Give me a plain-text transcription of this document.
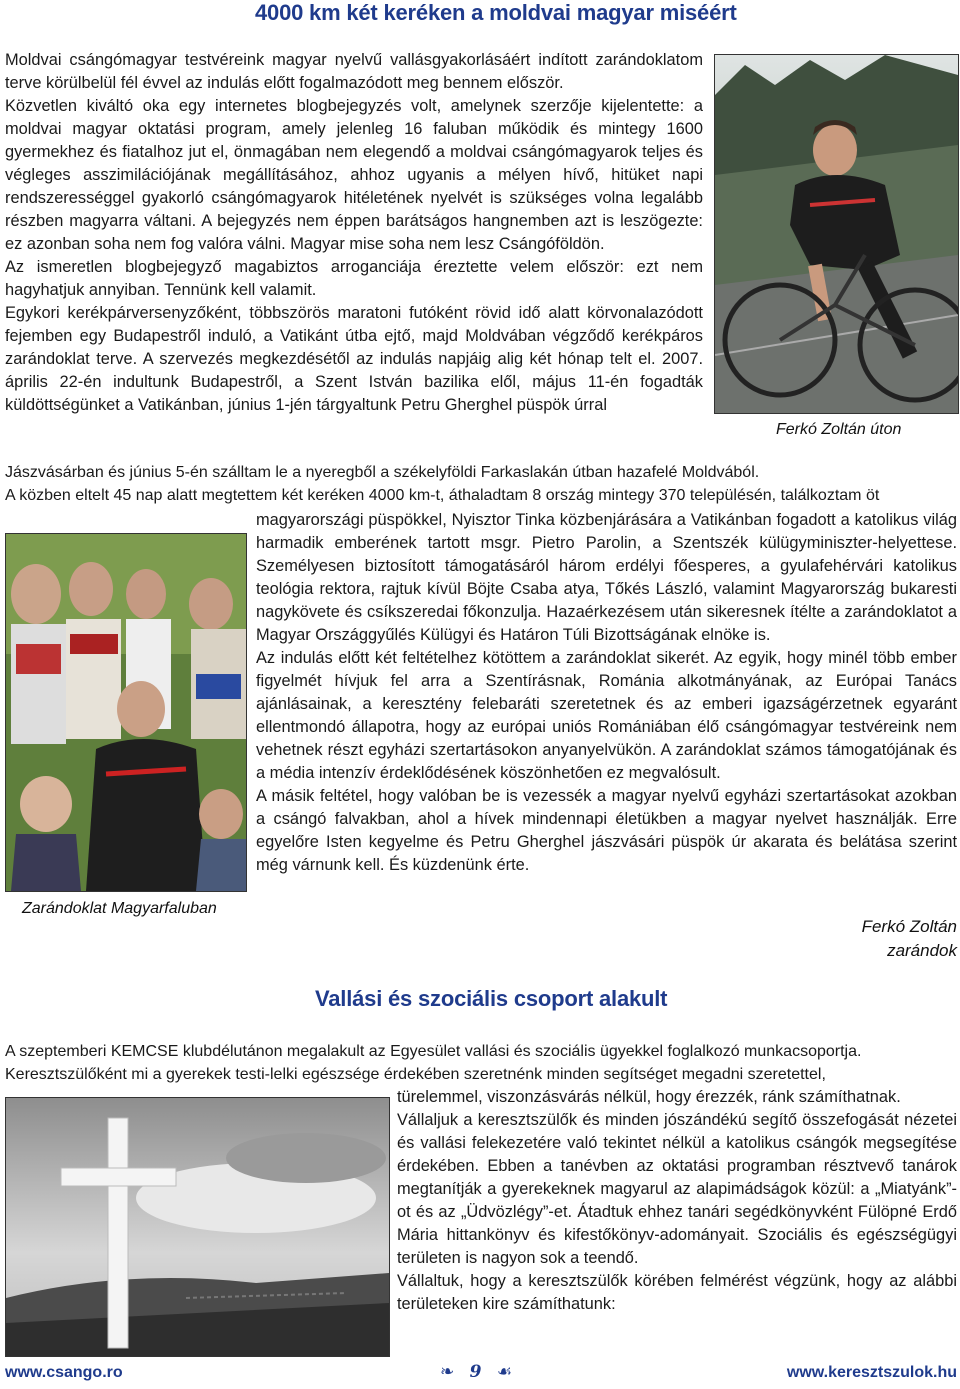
4000 km két keréken a moldvai magyar miséért
Ferkó Zoltán úton

Moldvai csángómagyar testvéreink magyar nyelvű vallásgyakorlásáért indított zarándoklatom terve körülbelül fél évvel az indulás előtt fogalmazódott meg bennem először.

Közvetlen kiváltó oka egy internetes blogbejegyzés volt, amelynek szerzője kijelentette: a moldvai magyar oktatási program, amely jelenleg 16 faluban működik és mintegy 1600 gyermekhez és fiatalhoz jut el, önmagában nem elegendő a moldvai csángómagyarok teljes és végleges asszimilációjának megállításához, ahhoz ugyanis a mélyen hívő, hitüket napi rendszerességgel gyakorló csángómagyarok hitéletének nyelvét is szükséges volna legalább részben magyarra váltani. A bejegyzés nem éppen barátságos hangnemben azt is leszögezte: ez azonban soha nem fog valóra válni. Magyar mise soha nem lesz Csángóföldön.

Az ismeretlen blogbejegyző magabiztos arroganciája éreztette velem először: ezt nem hagyhatjuk annyiban. Tennünk kell valamit.

Egykori kerékpárversenyzőként, többszörös maratoni futóként rövid idő alatt körvonalazódott fejemben egy Budapestről induló, a Vatikánt útba ejtő, majd Moldvában végződő kerékpáros zarándoklat terve. A szervezés megkezdésétől az indulás napjáig alig két hónap telt el. 2007. április 22-én indultunk Budapestről, a Szent István bazilika elől, május 11-én fogadták küldöttségünket a Vatikánban, június 1-jén tárgyaltunk Petru Gherghel püspök úrral

Jászvásárban és június 5-én szálltam le a nyeregből a székelyföldi Farkaslakán útban hazafelé Moldvából.
A közben eltelt 45 nap alatt megtettem két keréken 4000 km-t, áthaladtam 8 ország mintegy 370 településén, találkoztam öt
Zarándoklat Magyarfaluban

magyarországi püspökkel, Nyisztor Tinka közbenjárására a Vatikánban fogadott a katolikus világ harmadik emberének tartott msgr. Pietro Parolin, a Szentszék külügyminiszter-helyettese. Személyesen biztosított támogatásáról három erdélyi főesperes, a gyulafehérvári katolikus teológia rektora, rajtuk kívül Böjte Csaba atya, Tőkés László, valamint Magyarország bukaresti nagykövete és csíkszeredai főkonzulja. Hazaérkezésem után sikeresnek ítélte a zarándoklatot a Magyar Országgyűlés Külügyi és Határon Túli Bizottságának elnöke is.

Az indulás előtt két feltételhez kötöttem a zarándoklat sikerét. Az egyik, hogy minél több ember figyelmét hívjuk fel arra a Szentírásnak, Románia alkotmányának, az Európai Tanács ajánlásainak, a keresztény felebaráti szeretetnek és az emberi igazságérzetnek egyaránt ellentmondó állapotra, hogy az európai uniós Romániában élő csángómagyar testvéreink nem vehetnek részt egyházi szertartásokon anyanyelvükön. A zarándoklat számos támogatójának és a média intenzív érdeklődésének köszönhetően ez megvalósult.

A másik feltétel, hogy valóban be is vezessék a magyar nyelvű egyházi szertartásokat azokban a csángó falvakban, ahol a hívek mindennapi életükben a magyar nyelvet használják. Erre egyelőre Isten kegyelme és Petru Gherghel jászvásári püspök úr akarata és belátása szerint még várnunk kell. És küzdenünk érte.

Ferkó Zoltán
zarándok
Vallási és szociális csoport alakult
A szeptemberi KEMCSE klubdélutánon megalakult az Egyesület vallási és szociális ügyekkel foglalkozó munkacsoportja.
Keresztszülőként mi a gyerekek testi-lelki egészsége érdekében szeretnénk minden segítséget megadni szeretettel,

türelemmel, viszonzásvárás nélkül, hogy érezzék, ránk számíthatnak.

Vállaljuk a keresztszülők és minden jószándékú segítő összefogását nézetei és vallási felekezetére való tekintet nélkül a katolikus csángók megsegítése érdekében. Ebben a tanévben az oktatási programban résztvevő tanárok megtanítják a gyerekeknek magyarul az alapimádságok közül: a „Miatyánk”-ot és az „Üdvözlégy”-et. Átadtuk ehhez tanári segédkönyvként Fülöpné Erdő Mária hittankönyv és kifestőkönyv-adományait. Szociális és egészségügyi területen is nagyon sok a teendő.

Vállaltuk, hogy a keresztszülők körében felmérést végzünk, hogy az alábbi területeken kire számíthatunk:

www.csango.ro	❧ 9 ☙	www.keresztszulok.hu
